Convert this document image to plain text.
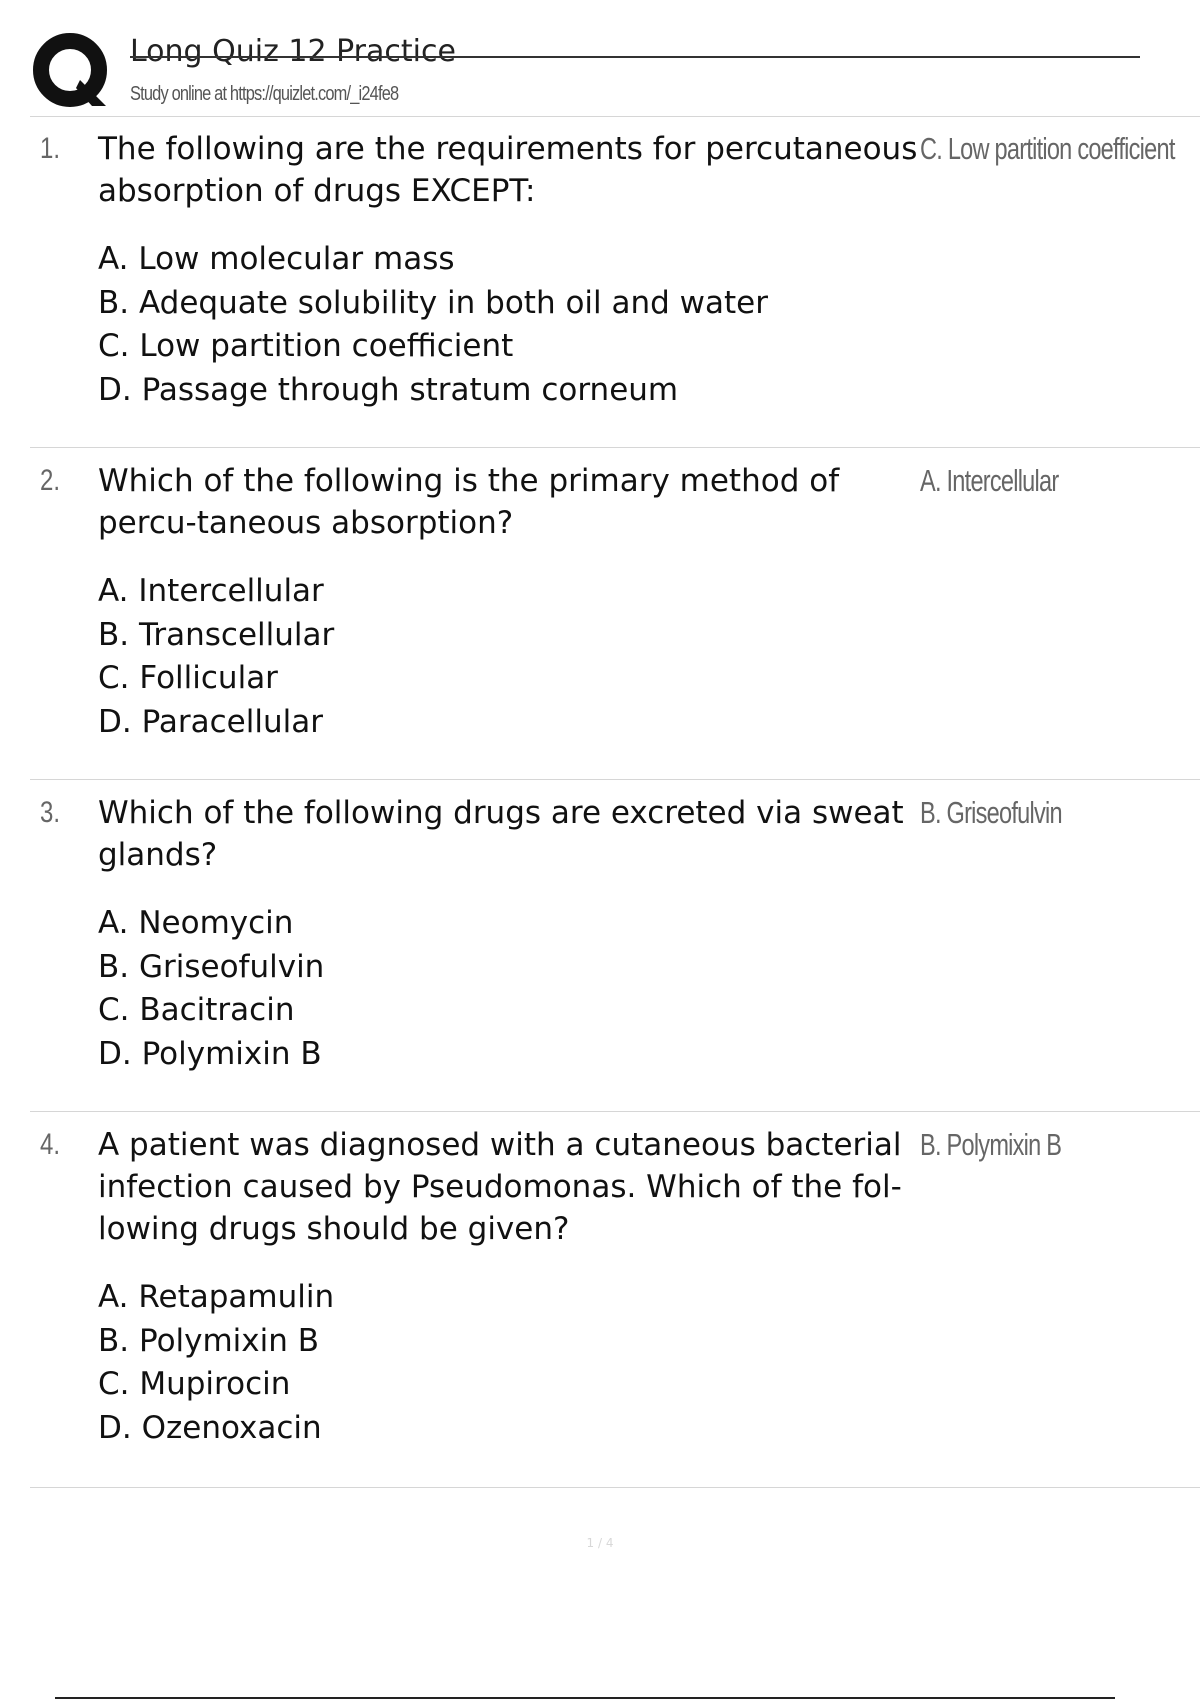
Long Quiz 12 Practice
Study online at https://quizlet.com/_i24fe8
1. The following are the requirements for percutaneous absorption of drugs EXCEPT:

A. Low molecular mass
B. Adequate solubility in both oil and water
C. Low partition coefficient
D. Passage through stratum corneum
C. Low partition coefficient
2. Which of the following is the primary method of percu-taneous absorption?

A. Intercellular
B. Transcellular
C. Follicular
D. Paracellular
A. Intercellular
3. Which of the following drugs are excreted via sweat glands?

A. Neomycin
B. Griseofulvin
C. Bacitracin
D. Polymixin B
B. Griseofulvin
4. A patient was diagnosed with a cutaneous bacterial infection caused by Pseudomonas. Which of the fol-lowing drugs should be given?

A. Retapamulin
B. Polymixin B
C. Mupirocin
D. Ozenoxacin
B. Polymixin B
1 / 4
